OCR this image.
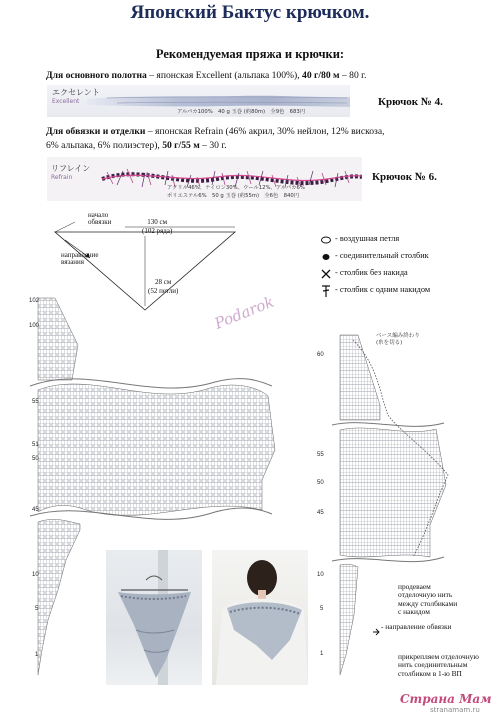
Японский Бактус крючком.
Рекомендуемая пряжа и крючки:
Для основного полотна – японская Excellent (альпака 100%), 40 г/80 м – 80 г.
エクセレント
Excellent
アルパカ100%　40 g 玉巻 (約80m)　全9色　683円
Крючок № 4.
Для обвязки и отделки – японская Refrain (46% акрил, 30% нейлон, 12% вискоза,
6% альпака, 6% полиэстер), 50 г/55 м – 30 г.
リフレイン
Refrain
アクリル46%、ナイロン30%、ウール12%、アルパカ6%
ポリエステル6%　50 g 玉巻 (約55m)　全6色　840円
Крючок № 6.
начало
обвязки	130 см
(102 ряда)
направление
вязания
28 см
(52 петли)
- воздушная петля
- соединительный столбик
- столбик без накида
- столбик с одним накидом
Podarok
102
100
55
51
50
45
10
5
1
ベース編み終わり
(糸を切る)
60
55
50
45
10
5
1
продеваем
отделочную нить
между столбиками
с накидом
- направление обвязки
прикрепляем отделочную
нить соединительным
столбиком в 1-ю ВП
Страна Мам
stranamam.ru
